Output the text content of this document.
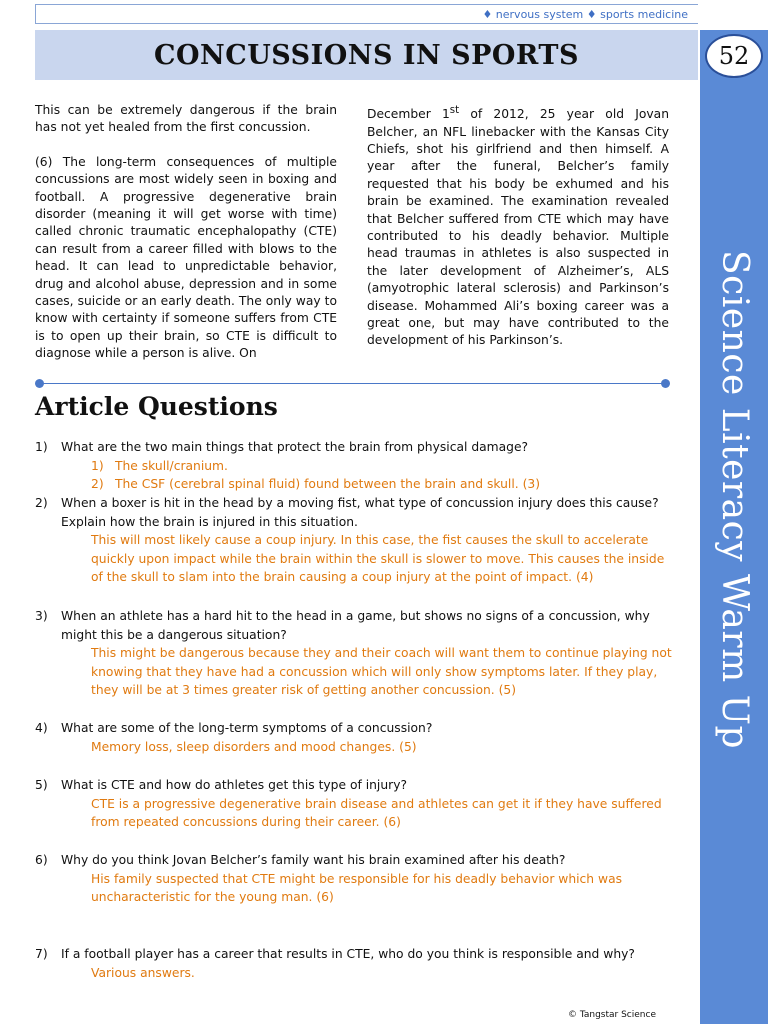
♦ nervous system ♦ sports medicine
CONCUSSIONS IN SPORTS	52
Science Literacy Warm Up

This can be extremely dangerous if the brain has not yet healed from the first concussion.

(6) The long-term consequences of multiple concussions are most widely seen in boxing and football. A progressive degenerative brain disorder (meaning it will get worse with time) called chronic traumatic encephalopathy (CTE) can result from a career filled with blows to the head. It can lead to unpredictable behavior, drug and alcohol abuse, depression and in some cases, suicide or an early death. The only way to know with certainty if someone suffers from CTE is to open up their brain, so CTE is difficult to diagnose while a person is alive. On

December 1st of 2012, 25 year old Jovan Belcher, an NFL linebacker with the Kansas City Chiefs, shot his girlfriend and then himself. A year after the funeral, Belcher’s family requested that his body be exhumed and his brain be examined. The examination revealed that Belcher suffered from CTE which may have contributed to his deadly behavior. Multiple head traumas in athletes is also suspected in the later development of Alzheimer’s, ALS (amyotrophic lateral sclerosis) and Parkinson’s disease. Mohammed Ali’s boxing career was a great one, but may have contributed to the development of his Parkinson’s.

Article Questions
1) What are the two main things that protect the brain from physical damage?
1) The skull/cranium.
2) The CSF (cerebral spinal fluid) found between the brain and skull. (3)
2) When a boxer is hit in the head by a moving fist, what type of concussion injury does this cause? Explain how the brain is injured in this situation.
This will most likely cause a coup injury. In this case, the fist causes the skull to accelerate quickly upon impact while the brain within the skull is slower to move. This causes the inside of the skull to slam into the brain causing a coup injury at the point of impact. (4)
3) When an athlete has a hard hit to the head in a game, but shows no signs of a concussion, why might this be a dangerous situation?
This might be dangerous because they and their coach will want them to continue playing not knowing that they have had a concussion which will only show symptoms later. If they play, they will be at 3 times greater risk of getting another concussion. (5)
4) What are some of the long-term symptoms of a concussion?
Memory loss, sleep disorders and mood changes. (5)
5) What is CTE and how do athletes get this type of injury?
CTE is a progressive degenerative brain disease and athletes can get it if they have suffered from repeated concussions during their career. (6)
6) Why do you think Jovan Belcher’s family want his brain examined after his death?
His family suspected that CTE might be responsible for his deadly behavior which was uncharacteristic for the young man. (6)
7) If a football player has a career that results in CTE, who do you think is responsible and why?
Various answers.
© Tangstar Science
